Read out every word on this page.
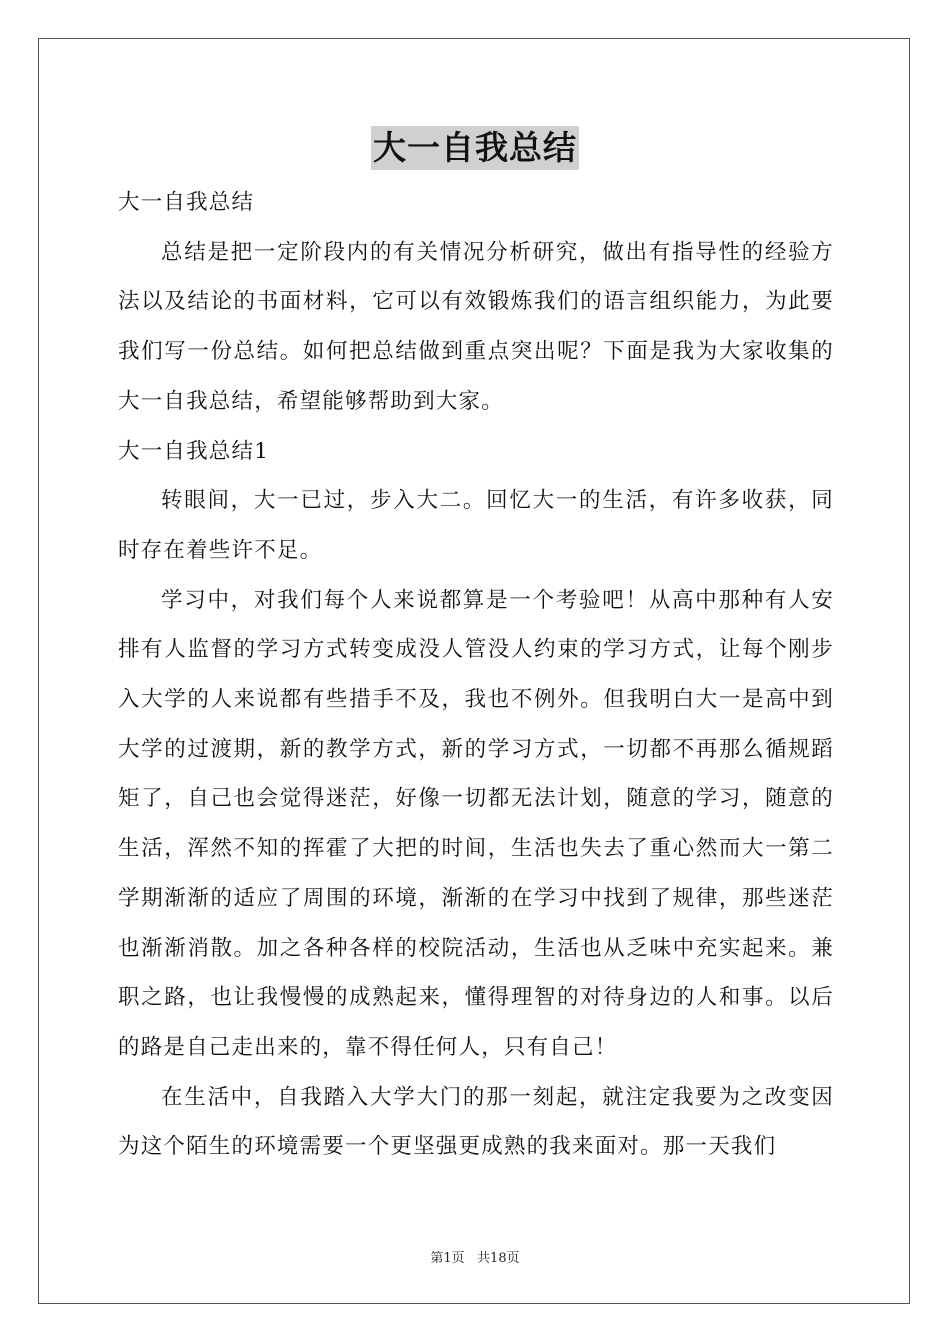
大一自我总结

大一自我总结

总结是把一定阶段内的有关情况分析研究，做出有指导性的经验方法以及结论的书面材料，它可以有效锻炼我们的语言组织能力，为此要我们写一份总结。如何把总结做到重点突出呢？下面是我为大家收集的大一自我总结，希望能够帮助到大家。

大一自我总结1

转眼间，大一已过，步入大二。回忆大一的生活，有许多收获，同时存在着些许不足。

学习中，对我们每个人来说都算是一个考验吧！从高中那种有人安排有人监督的学习方式转变成没人管没人约束的学习方式，让每个刚步入大学的人来说都有些措手不及，我也不例外。但我明白大一是高中到大学的过渡期，新的教学方式，新的学习方式，一切都不再那么循规蹈矩了，自己也会觉得迷茫，好像一切都无法计划，随意的学习，随意的生活，浑然不知的挥霍了大把的时间，生活也失去了重心然而大一第二学期渐渐的适应了周围的环境，渐渐的在学习中找到了规律，那些迷茫也渐渐消散。加之各种各样的校院活动，生活也从乏味中充实起来。兼职之路，也让我慢慢的成熟起来，懂得理智的对待身边的人和事。以后的路是自己走出来的，靠不得任何人，只有自己！

在生活中，自我踏入大学大门的那一刻起，就注定我要为之改变因为这个陌生的环境需要一个更坚强更成熟的我来面对。那一天我们

第1页   共18页
